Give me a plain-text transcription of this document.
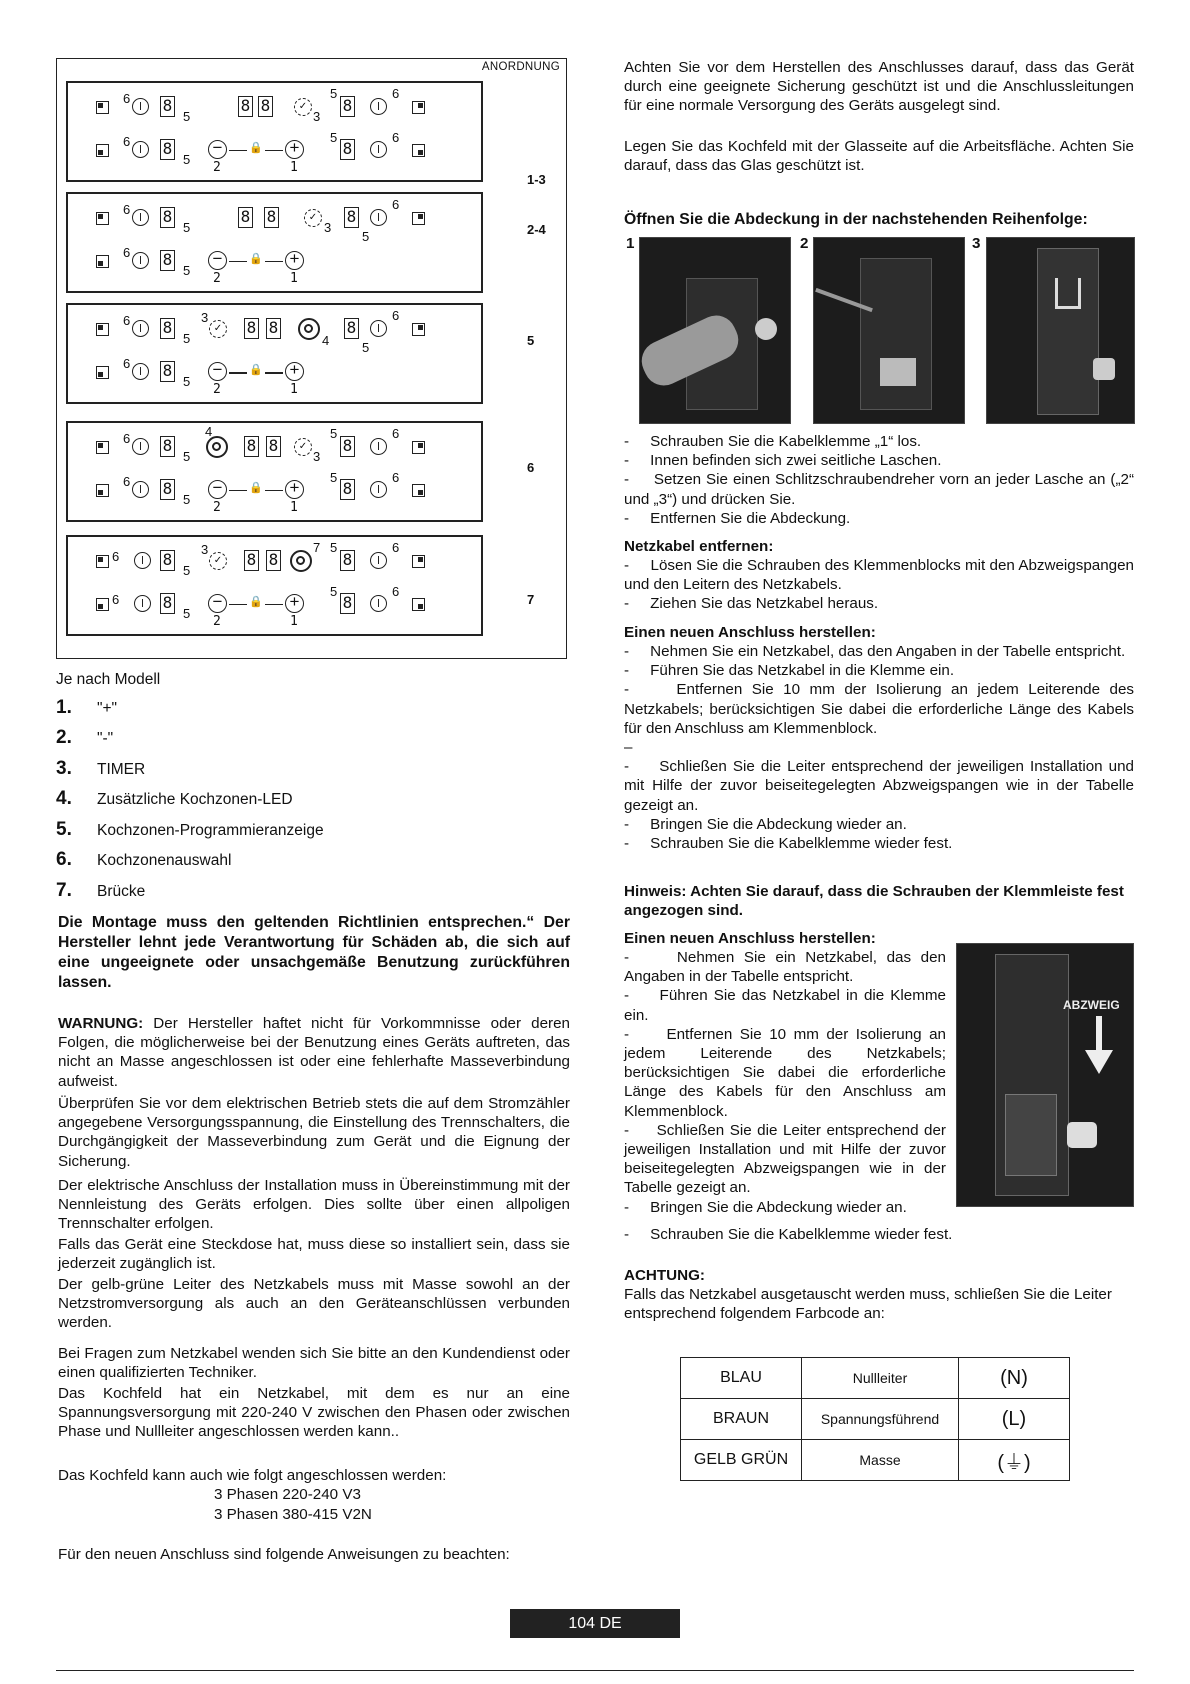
ANORDNUNG
6 8
5
8 8	✓
3
5
8
6
6 8
5
−	🔒 +
2	1
5
8
6
1-3
6 8
5
8 8	✓
3
8
5
6
6 8
5
−	🔒 +
2	1
2-4
6 8
5
3
✓	8 8
4
8
5
6
6 8
5
−	🔒 +
2	1
5
6 8
5
4
8 8	✓
3
5
8
6
6 8
5
−	🔒 +
2	1
5
8
6
6
6	8
5
3
✓	8 8
7 5
8
6
6	8
5
−	🔒 +
2	1
5
8
6
7
Je nach Modell
1. "+"
2. "-"
3. TIMER
4. Zusätzliche Kochzonen-LED
5. Kochzonen-Programmieranzeige
6. Kochzonenauswahl
7. Brücke

Die Montage muss den geltenden Richtlinien entsprechen.“ Der Hersteller lehnt jede Verantwortung für Schäden ab, die sich auf eine ungeeignete oder unsachgemäße Benutzung zurückführen lassen.

WARNUNG: Der Hersteller haftet nicht für Vorkommnisse oder deren Folgen, die möglicherweise bei der Benutzung eines Geräts auftreten, das nicht an Masse angeschlossen ist oder eine fehlerhafte Masseverbindung aufweist.

Überprüfen Sie vor dem elektrischen Betrieb stets die auf dem Stromzähler angegebene Versorgungsspannung, die Einstellung des Trennschalters, die Durchgängigkeit der Masseverbindung zum Gerät und die Eignung der Sicherung.

Der elektrische Anschluss der Installation muss in Übereinstimmung mit der Nennleistung des Geräts erfolgen. Dies sollte über einen allpoligen Trennschalter erfolgen.

Falls das Gerät eine Steckdose hat, muss diese so installiert sein, dass sie jederzeit zugänglich ist.

Der gelb-grüne Leiter des Netzkabels muss mit Masse sowohl an der Netzstromversorgung als auch an den Geräteanschlüssen verbunden werden.

Bei Fragen zum Netzkabel wenden sich Sie bitte an den Kundendienst oder einen qualifizierten Techniker.

Das Kochfeld hat ein Netzkabel, mit dem es nur an eine Spannungsversorgung mit 220-240 V zwischen den Phasen oder zwischen Phase und Nullleiter angeschlossen werden kann..

Das Kochfeld kann auch wie folgt angeschlossen werden:

3 Phasen 220-240 V3

3 Phasen 380-415 V2N

Für den neuen Anschluss sind folgende Anweisungen zu beachten:

Achten Sie vor dem Herstellen des Anschlusses darauf, dass das Gerät durch eine geeignete Sicherung geschützt ist und die Anschlussleitungen für eine normale Versorgung des Geräts ausgelegt sind.

Legen Sie das Kochfeld mit der Glasseite auf die Arbeitsfläche. Achten Sie darauf, dass das Glas geschützt ist.

Öffnen Sie die Abdeckung in der nachstehenden Reihenfolge:

1	2	3

-     Schrauben Sie die Kabelklemme „1“ los.

-     Innen befinden sich zwei seitliche Laschen.

-     Setzen Sie einen Schlitzschraubendreher vorn an jeder Lasche an („2“ und „3“) und drücken Sie.

-     Entfernen Sie die Abdeckung.

Netzkabel entfernen:

-     Lösen Sie die Schrauben des Klemmenblocks mit den Abzweigspangen und den Leitern des Netzkabels.

-     Ziehen Sie das Netzkabel heraus.

Einen neuen Anschluss herstellen:

-     Nehmen Sie ein Netzkabel, das den Angaben in der Tabelle entspricht.

-     Führen Sie das Netzkabel in die Klemme ein.

-     Entfernen Sie 10 mm der Isolierung an jedem Leiterende des Netzkabels; berücksichtigen Sie dabei die erforderliche Länge des Kabels für den Anschluss am Klemmenblock.

–

-     Schließen Sie die Leiter entsprechend der jeweiligen Installation und mit Hilfe der zuvor beiseitegelegten Abzweigspangen wie in der Tabelle gezeigt an.

-     Bringen Sie die Abdeckung wieder an.

-     Schrauben Sie die Kabelklemme wieder fest.

Hinweis: Achten Sie darauf, dass die Schrauben der Klemmleiste fest angezogen sind.

Einen neuen Anschluss herstellen:

-     Nehmen Sie ein Netzkabel, das den Angaben in der Tabelle entspricht.

-     Führen Sie das Netzkabel in die Klemme ein.

-     Entfernen Sie 10 mm der Isolierung an jedem Leiterende des Netzkabels; berücksichtigen Sie dabei die erforderliche Länge des Kabels für den Anschluss am Klemmenblock.

-     Schließen Sie die Leiter entsprechend der jeweiligen Installation und mit Hilfe der zuvor beiseitegelegten Abzweigspangen wie in der Tabelle gezeigt an.

-     Bringen Sie die Abdeckung wieder an.

-     Schrauben Sie die Kabelklemme wieder fest.

ABZWEIG

ACHTUNG:

Falls das Netzkabel ausgetauscht werden muss, schließen Sie die Leiter entsprechend folgendem Farbcode an:

BLAU	Nullleiter	(N)
BRAUN	Spannungsführend	(L)
GELB GRÜN	Masse	(⏚)
104 DE
